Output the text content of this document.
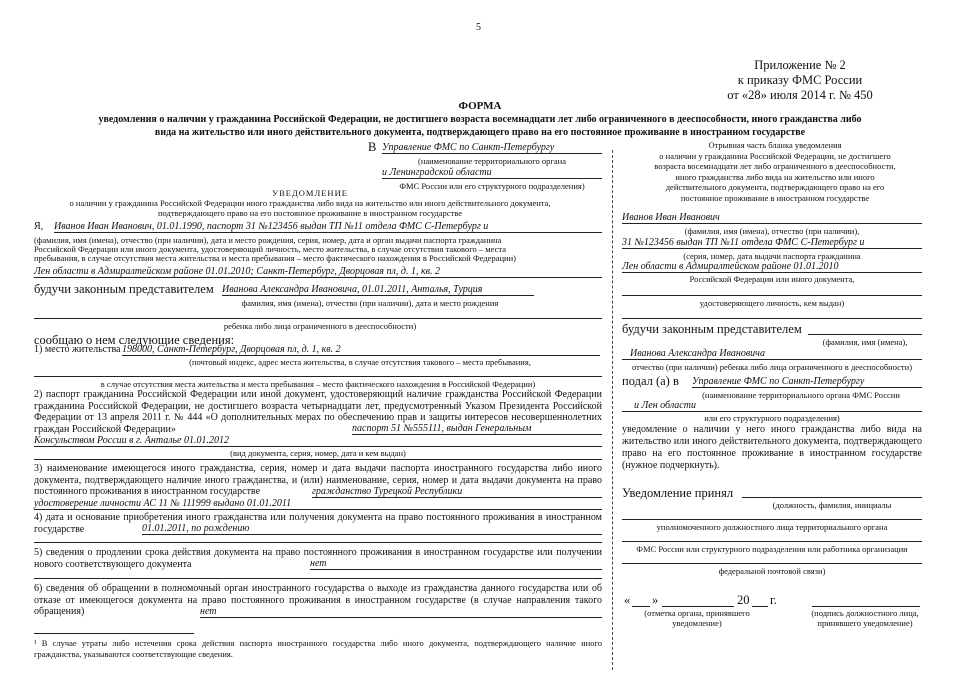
5
Приложение № 2
к приказу ФМС России
от «28» июля 2014 г. № 450
ФОРМА
уведомления о наличии у гражданина Российской Федерации, не достигшего возраста восемнадцати лет либо ограниченного в дееспособности, иного гражданства либо
вида на жительство или иного действительного документа, подтверждающего право на его постоянное проживание в иностранном государстве
В Управление ФМС по Санкт-Петербургу
(наименование территориального органа
и Ленинградской области
ФМС России или его структурного подразделения)
УВЕДОМЛЕНИЕ
о наличии у гражданина Российской Федерации иного гражданства либо вида на жительство или иного действительного документа,
подтверждающего право на его постоянное проживание в иностранном государстве
Я, Иванов Иван Иванович, 01.01.1990, паспорт 31 №123456 выдан ТП №11 отдела ФМС С-Петербург и
(фамилия, имя (имена), отчество (при наличии), дата и место рождения, серия, номер, дата и орган выдачи паспорта гражданина
Российской Федерации или иного документа, удостоверяющий личность, место жительства, в случае отсутствия такового – места
пребывания, в случае отсутствия места жительства и места пребывания – место фактического нахождения в Российской Федерации)
Лен области в Адмиралтейском районе 01.01.2010; Санкт-Петербург, Дворцовая пл, д. 1, кв. 2
будучи законным представителем Иванова Александра Ивановича, 01.01.2011, Анталья, Турция
фамилия, имя (имена), отчество (при наличии), дата и место рождения
ребенка либо лица ограниченного в дееспособности)
сообщаю о нем следующие сведения:
1) место жительства 198000, Санкт-Петербург, Дворцовая пл, д. 1, кв. 2
(почтовый индекс, адрес места жительства, в случае отсутствия такового – места пребывания,
в случае отсутствия места жительства и места пребывания – место фактического нахождения в Российской Федерации)
2) паспорт гражданина Российской Федерации или иной документ, удостоверяющий наличие гражданства Российской Федерации гражданина Российской Федерации, не достигшего возраста четырнадцати лет, предусмотренный Указом Президента Российской Федерации от 13 апреля 2011 г. № 444 «О дополнительных мерах по обеспечению прав и защиты интересов несовершеннолетних граждан Российской Федерации»	паспорт 51 №555111, выдан Генеральным
Консульством России в г. Анталье 01.01.2012
(вид документа, серия, номер, дата и кем выдан)
3) наименование имеющегося иного гражданства, серия, номер и дата выдачи паспорта иностранного государства либо иного документа, подтверждающего наличие иного гражданства, и (или) наименование, серия, номер и дата выдачи документа на право постоянного проживания в иностранном государстве	гражданство Турецкой Республики
удостоверение личности АС 11 № 111999 выдано 01.01.2011
4) дата и основание приобретения иного гражданства или получения документа на право постоянного проживания в иностранном государстве	01.01.2011, по рождению
5) сведения о продлении срока действия документа на право постоянного проживания в иностранном государстве или получении нового соответствующего документа	нет
6) сведения об обращении в полномочный орган иностранного государства о выходе из гражданства данного государства или об отказе от имеющегося документа на право постоянного проживания в иностранном государстве (в случае направления такого обращения)	нет
¹ В случае утраты либо истечения срока действия паспорта иностранного государства либо иного документа, подтверждающего наличие иного гражданства, указываются соответствующие сведения.
Отрывная часть бланка уведомления
о наличии у гражданина Российской Федерации, не достигшего
возраста восемнадцати лет либо ограниченного в дееспособности,
иного гражданства либо вида на жительство или иного
действительного документа, подтверждающего право на его
постоянное проживание в иностранном государстве
Иванов Иван Иванович
(фамилия, имя (имена), отчество (при наличии),
31 №123456 выдан ТП №11 отдела ФМС С-Петербург и
(серия, номер, дата выдачи паспорта гражданина
Лен области в Адмиралтейском районе 01.01.2010
Российской Федерации или иного документа,
удостоверяющего личность, кем выдан)
будучи законным представителем
(фамилия, имя (имена),
Иванова Александра Ивановича
отчество (при наличии) ребенка либо лица ограниченного в дееспособности)
подал (а) в Управление ФМС по Санкт-Петербургу
(наименование территориального органа ФМС России
и Лен области
или его структурного подразделения)
уведомление о наличии у него иного гражданства либо вида на жительство или иного действительного документа, подтверждающего право на его постоянное проживание в иностранном государстве (нужное подчеркнуть).
Уведомление принял
(должность, фамилия, инициалы
уполномоченного должностного лица территориального органа
ФМС России или структурного подразделения или работника организации
федеральной почтовой связи)
« »	20 г.
(отметка органа, принявшего
уведомление)
(подпись должностного лица,
принявшего уведомление)
